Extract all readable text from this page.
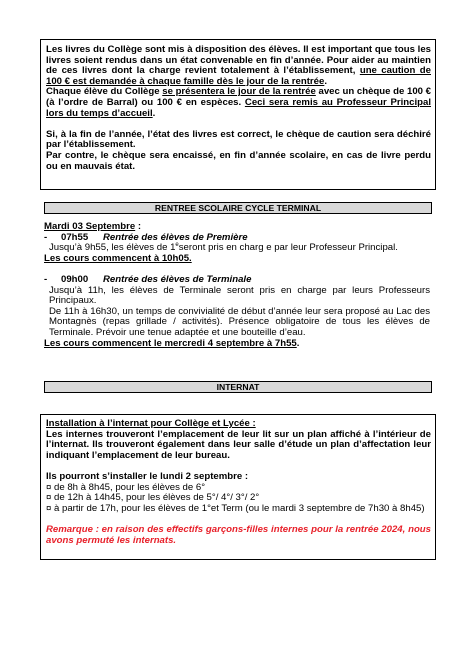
Les livres du Collège sont mis à disposition des élèves. Il est important que tous les

livres soient rendus dans un état convenable en fin d’année. Pour aider au maintien

de ces livres dont la charge revient totalement à l’établissement, une caution de

100 € est demandée à chaque famille dès le jour de la rentrée.

Chaque élève du Collège se présentera le jour de la rentrée avec un chèque de 100 €

(à l’ordre de Barral) ou 100 € en espèces. Ceci sera remis au Professeur Principal

lors du temps d’accueil.

Si, à la fin de l’année, l’état des livres est correct, le chèque de caution sera déchiré

par l’établissement.

Par contre, le chèque sera encaissé, en fin d’année scolaire, en cas de livre perdu

ou en mauvais état.

RENTREE SCOLAIRE CYCLE TERMINAL

Mardi 03 Septembre :

-	07h55	Rentrée des élèves de Première

Jusqu’à 9h55, les élèves de 1eseront pris en charg e par leur Professeur Principal.

Les cours commencent à 10h05.

-	09h00	Rentrée des élèves de Terminale

Jusqu’à 11h, les élèves de Terminale seront pris en charge par leurs Professeurs

Principaux.

De 11h à 16h30, un temps de convivialité de début d’année leur sera proposé au Lac des

Montagnès (repas grillade / activités). Présence obligatoire de tous les élèves de

Terminale. Prévoir une tenue adaptée et une bouteille d’eau.

Les cours commencent le mercredi 4 septembre à 7h55.

INTERNAT

Installation à l’internat pour Collège et Lycée :

Les internes trouveront l’emplacement de leur lit sur un plan affiché à l’intérieur de

l’internat. Ils trouveront également dans leur salle d’étude un plan d’affectation leur

indiquant l’emplacement de leur bureau.

Ils pourront s’installer le lundi 2 septembre :

¤ de 8h à 8h45, pour les élèves de 6°

¤ de 12h à 14h45, pour les élèves de 5°/ 4°/ 3°/ 2°

¤ à partir de 17h, pour les élèves de 1°et Term (ou le mardi 3 septembre de 7h30 à 8h45)

Remarque : en raison des effectifs garçons-filles internes pour la rentrée 2024, nous

avons permuté les internats.
